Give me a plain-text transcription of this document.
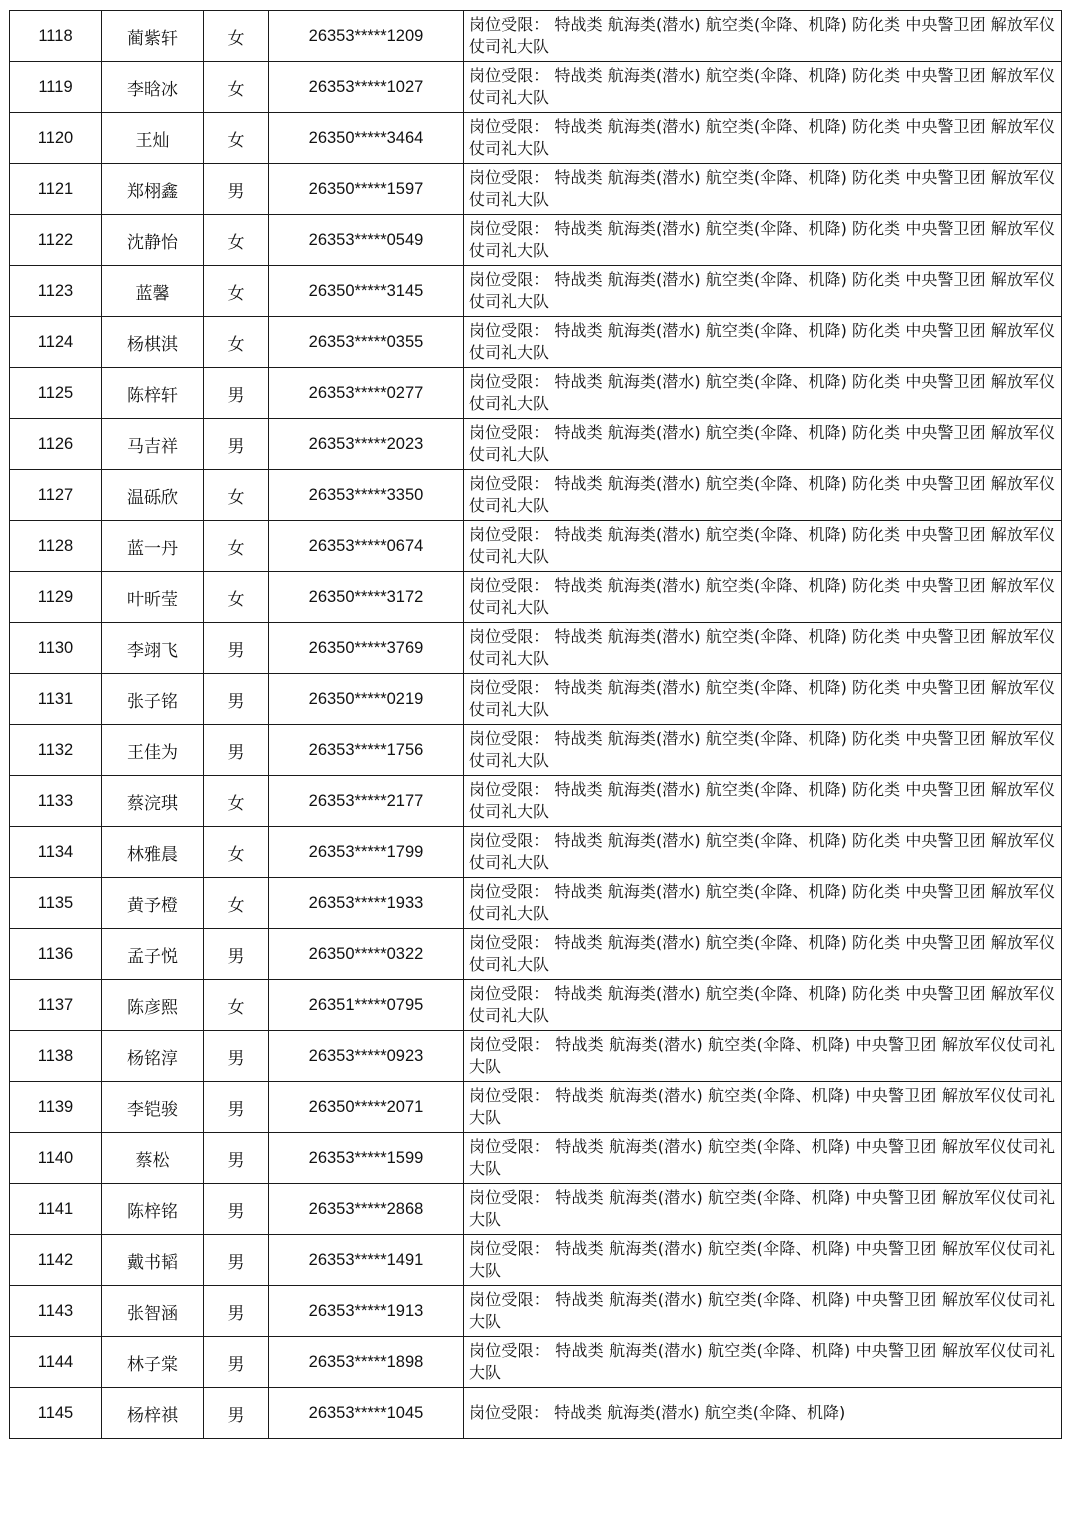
1118	蔺紫轩	女	26353*****1209	岗位受限： 特战类 航海类(潜水) 航空类(伞降、机降) 防化类 中央警卫团 解放军仪仗司礼大队

1119	李晗冰	女	26353*****1027	岗位受限： 特战类 航海类(潜水) 航空类(伞降、机降) 防化类 中央警卫团 解放军仪仗司礼大队

1120	王灿	女	26350*****3464	岗位受限： 特战类 航海类(潜水) 航空类(伞降、机降) 防化类 中央警卫团 解放军仪仗司礼大队

1121	郑栩鑫	男	26350*****1597	岗位受限： 特战类 航海类(潜水) 航空类(伞降、机降) 防化类 中央警卫团 解放军仪仗司礼大队

1122	沈静怡	女	26353*****0549	岗位受限： 特战类 航海类(潜水) 航空类(伞降、机降) 防化类 中央警卫团 解放军仪仗司礼大队

1123	蓝馨	女	26350*****3145	岗位受限： 特战类 航海类(潜水) 航空类(伞降、机降) 防化类 中央警卫团 解放军仪仗司礼大队

1124	杨棋淇	女	26353*****0355	岗位受限： 特战类 航海类(潜水) 航空类(伞降、机降) 防化类 中央警卫团 解放军仪仗司礼大队

1125	陈梓轩	男	26353*****0277	岗位受限： 特战类 航海类(潜水) 航空类(伞降、机降) 防化类 中央警卫团 解放军仪仗司礼大队

1126	马吉祥	男	26353*****2023	岗位受限： 特战类 航海类(潜水) 航空类(伞降、机降) 防化类 中央警卫团 解放军仪仗司礼大队

1127	温砾欣	女	26353*****3350	岗位受限： 特战类 航海类(潜水) 航空类(伞降、机降) 防化类 中央警卫团 解放军仪仗司礼大队

1128	蓝一丹	女	26353*****0674	岗位受限： 特战类 航海类(潜水) 航空类(伞降、机降) 防化类 中央警卫团 解放军仪仗司礼大队

1129	叶昕莹	女	26350*****3172	岗位受限： 特战类 航海类(潜水) 航空类(伞降、机降) 防化类 中央警卫团 解放军仪仗司礼大队

1130	李翊飞	男	26350*****3769	岗位受限： 特战类 航海类(潜水) 航空类(伞降、机降) 防化类 中央警卫团 解放军仪仗司礼大队

1131	张子铭	男	26350*****0219	岗位受限： 特战类 航海类(潜水) 航空类(伞降、机降) 防化类 中央警卫团 解放军仪仗司礼大队

1132	王佳为	男	26353*****1756	岗位受限： 特战类 航海类(潜水) 航空类(伞降、机降) 防化类 中央警卫团 解放军仪仗司礼大队

1133	蔡浣琪	女	26353*****2177	岗位受限： 特战类 航海类(潜水) 航空类(伞降、机降) 防化类 中央警卫团 解放军仪仗司礼大队

1134	林雅晨	女	26353*****1799	岗位受限： 特战类 航海类(潜水) 航空类(伞降、机降) 防化类 中央警卫团 解放军仪仗司礼大队

1135	黄予橙	女	26353*****1933	岗位受限： 特战类 航海类(潜水) 航空类(伞降、机降) 防化类 中央警卫团 解放军仪仗司礼大队

1136	孟子悦	男	26350*****0322	岗位受限： 特战类 航海类(潜水) 航空类(伞降、机降) 防化类 中央警卫团 解放军仪仗司礼大队

1137	陈彦熙	女	26351*****0795	岗位受限： 特战类 航海类(潜水) 航空类(伞降、机降) 防化类 中央警卫团 解放军仪仗司礼大队

1138	杨铭淳	男	26353*****0923	岗位受限： 特战类 航海类(潜水) 航空类(伞降、机降) 中央警卫团 解放军仪仗司礼大队

1139	李铠骏	男	26350*****2071	岗位受限： 特战类 航海类(潜水) 航空类(伞降、机降) 中央警卫团 解放军仪仗司礼大队

1140	蔡松	男	26353*****1599	岗位受限： 特战类 航海类(潜水) 航空类(伞降、机降) 中央警卫团 解放军仪仗司礼大队

1141	陈梓铭	男	26353*****2868	岗位受限： 特战类 航海类(潜水) 航空类(伞降、机降) 中央警卫团 解放军仪仗司礼大队

1142	戴书韬	男	26353*****1491	岗位受限： 特战类 航海类(潜水) 航空类(伞降、机降) 中央警卫团 解放军仪仗司礼大队

1143	张智涵	男	26353*****1913	岗位受限： 特战类 航海类(潜水) 航空类(伞降、机降) 中央警卫团 解放军仪仗司礼大队

1144	林子棠	男	26353*****1898	岗位受限： 特战类 航海类(潜水) 航空类(伞降、机降) 中央警卫团 解放军仪仗司礼大队

1145	杨梓祺	男	26353*****1045	岗位受限： 特战类 航海类(潜水) 航空类(伞降、机降)
